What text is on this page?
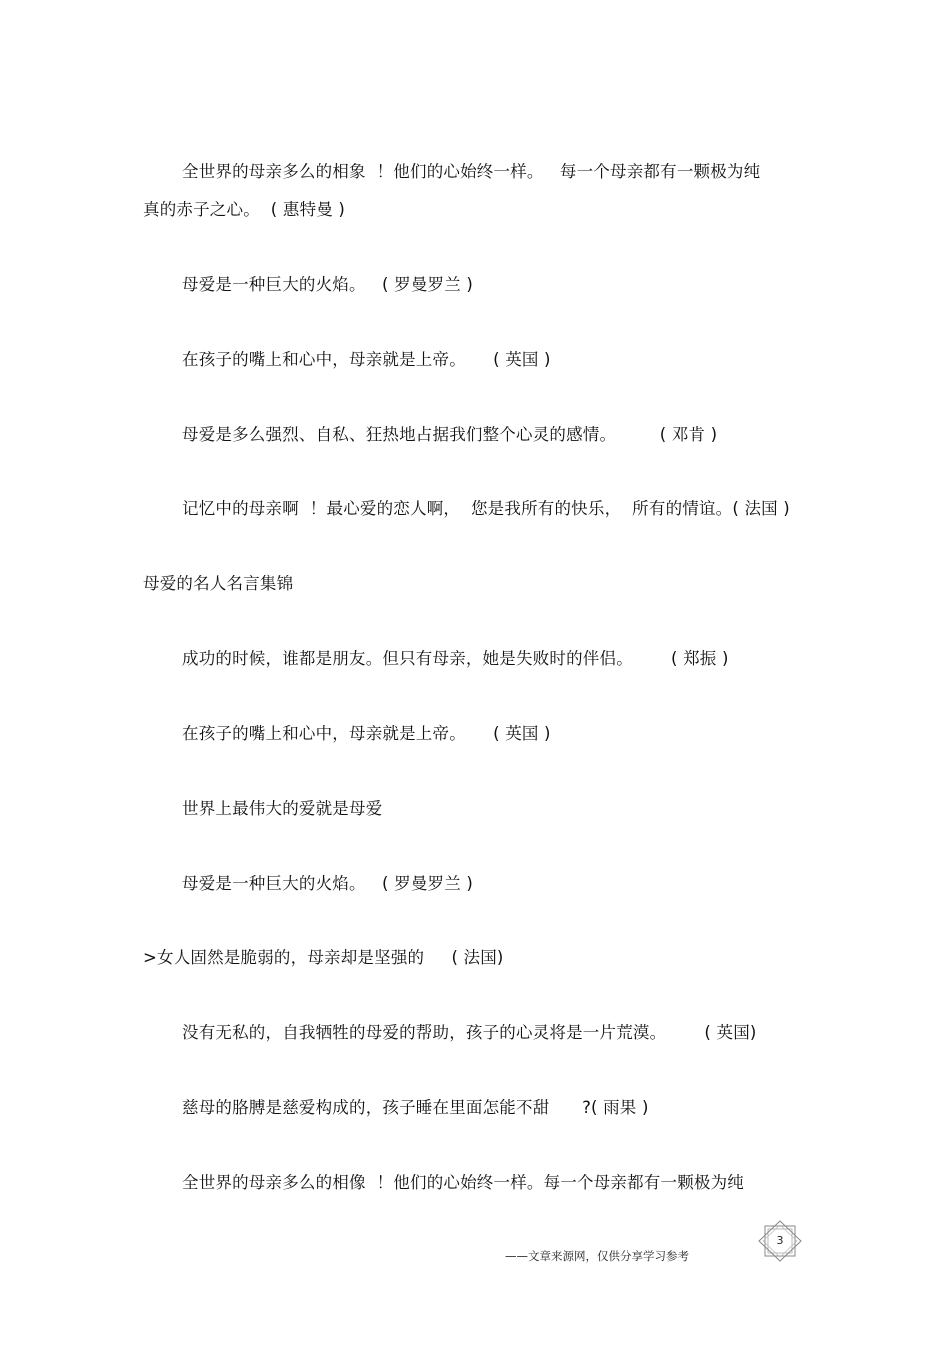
全世界的母亲多么的相象  ！他们的心始终一样。   每一个母亲都有一颗极为纯
真的赤子之心。  ( 惠特曼 )
母爱是一种巨大的火焰。   ( 罗曼罗兰 )
在孩子的嘴上和心中，母亲就是上帝。     ( 英国 )
母爱是多么强烈、自私、狂热地占据我们整个心灵的感情。        ( 邓肯 )
记忆中的母亲啊  ！最心爱的恋人啊，  您是我所有的快乐，  所有的情谊。( 法国 )
母爱的名人名言集锦
成功的时候，谁都是朋友。但只有母亲，她是失败时的伴侣。       ( 郑振 )
在孩子的嘴上和心中，母亲就是上帝。     ( 英国 )
世界上最伟大的爱就是母爱
母爱是一种巨大的火焰。   ( 罗曼罗兰 )
>女人固然是脆弱的，母亲却是坚强的     ( 法国)
没有无私的，自我牺牲的母爱的帮助，孩子的心灵将是一片荒漠。       ( 英国)
慈母的胳膊是慈爱构成的，孩子睡在里面怎能不甜      ?( 雨果 )
全世界的母亲多么的相像  ！他们的心始终一样。每一个母亲都有一颗极为纯
——文章来源网，仅供分享学习参考
3
